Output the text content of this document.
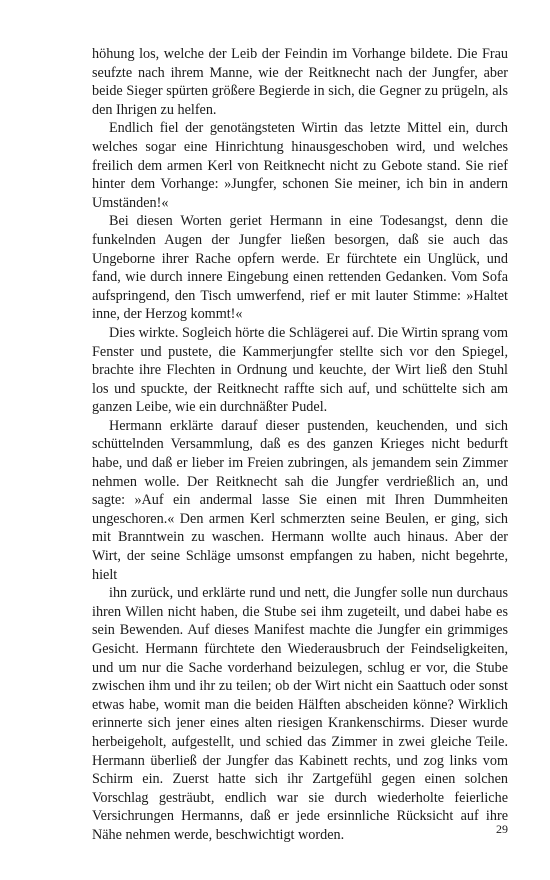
höhung los, welche der Leib der Feindin im Vorhange bildete. Die Frau seufzte nach ihrem Manne, wie der Reitknecht nach der Jungfer, aber beide Sieger spürten größere Begierde in sich, die Gegner zu prügeln, als den Ihrigen zu helfen.

Endlich fiel der genotängsteten Wirtin das letzte Mittel ein, durch welches sogar eine Hinrichtung hinausgeschoben wird, und welches freilich dem armen Kerl von Reitknecht nicht zu Gebote stand. Sie rief hinter dem Vorhange: »Jungfer, schonen Sie meiner, ich bin in andern Umständen!«

Bei diesen Worten geriet Hermann in eine Todesangst, denn die funkelnden Augen der Jungfer ließen besorgen, daß sie auch das Ungeborne ihrer Rache opfern werde. Er fürchtete ein Unglück, und fand, wie durch innere Eingebung einen rettenden Gedanken. Vom Sofa aufspringend, den Tisch umwerfend, rief er mit lauter Stimme: »Haltet inne, der Herzog kommt!«

Dies wirkte. Sogleich hörte die Schlägerei auf. Die Wirtin sprang vom Fenster und pustete, die Kammerjungfer stellte sich vor den Spiegel, brachte ihre Flechten in Ordnung und keuchte, der Wirt ließ den Stuhl los und spuckte, der Reitknecht raffte sich auf, und schüttelte sich am ganzen Leibe, wie ein durchnäßter Pudel.

Hermann erklärte darauf dieser pustenden, keuchenden, und sich schüttelnden Versammlung, daß es des ganzen Krieges nicht bedurft habe, und daß er lieber im Freien zubringen, als jemandem sein Zimmer nehmen wolle. Der Reitknecht sah die Jungfer verdrießlich an, und sagte: »Auf ein andermal lasse Sie einen mit Ihren Dummheiten ungeschoren.« Den armen Kerl schmerzten seine Beulen, er ging, sich mit Branntwein zu waschen. Hermann wollte auch hinaus. Aber der Wirt, der seine Schläge umsonst empfangen zu haben, nicht begehrte, hielt

ihn zurück, und erklärte rund und nett, die Jungfer solle nun durchaus ihren Willen nicht haben, die Stube sei ihm zugeteilt, und dabei habe es sein Bewenden. Auf dieses Manifest machte die Jungfer ein grimmiges Gesicht. Hermann fürchtete den Wiederausbruch der Feindseligkeiten, und um nur die Sache vorderhand beizulegen, schlug er vor, die Stube zwischen ihm und ihr zu teilen; ob der Wirt nicht ein Saattuch oder sonst etwas habe, womit man die beiden Hälften abscheiden könne? Wirklich erinnerte sich jener eines alten riesigen Krankenschirms. Dieser wurde herbeigeholt, aufgestellt, und schied das Zimmer in zwei gleiche Teile. Hermann überließ der Jungfer das Kabinett rechts, und zog links vom Schirm ein. Zuerst hatte sich ihr Zartgefühl gegen einen solchen Vorschlag gesträubt, endlich war sie durch wiederholte feierliche Versichrungen Hermanns, daß er jede ersinnliche Rücksicht auf ihre Nähe nehmen werde, beschwichtigt worden.	29
